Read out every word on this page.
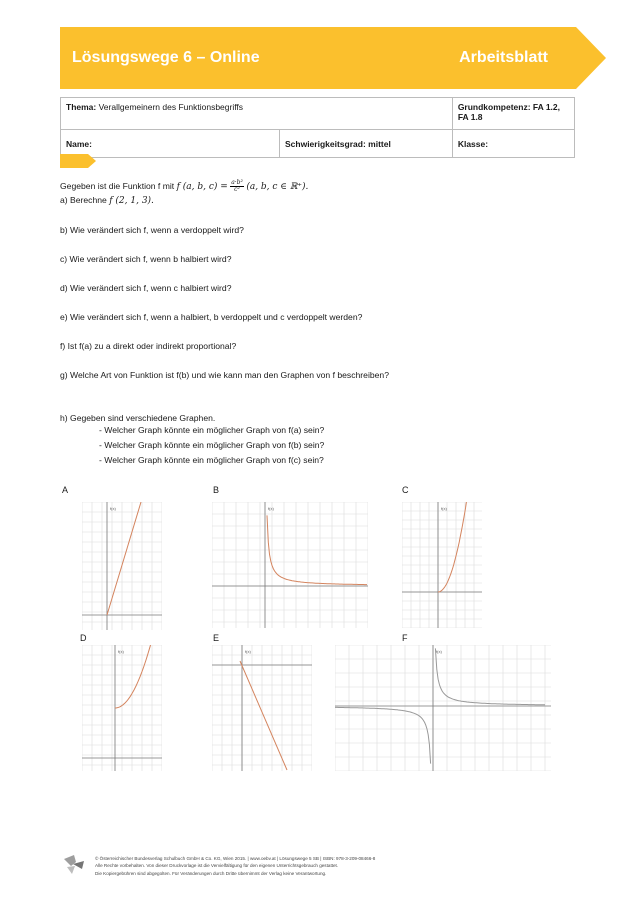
Lösungswege 6 – Online	Arbeitsblatt
Thema: Verallgemeinern des Funktionsbegriffs		Grundkompetenz: FA 1.2, FA 1.8
Name:	Schwierigkeitsgrad: mittel	Klasse:

Gegeben ist die Funktion f mit f (a, b, $c) = \frac{\text{a·b²}}{\text{c²}} (a$, b, c ∈ ℝ⁺).

a) Berechne f (2, 1, 3).

b) Wie verändert sich f, wenn a verdoppelt wird?

c) Wie verändert sich f, wenn b halbiert wird?

d) Wie verändert sich f, wenn c halbiert wird?

e) Wie verändert sich f, wenn a halbiert, b verdoppelt und c verdoppelt werden?

f) Ist f(a) zu a direkt oder indirekt proportional?

g) Welche Art von Funktion ist f(b) und wie kann man den Graphen von f beschreiben?

h) Gegeben sind verschiedene Graphen.

- Welcher Graph könnte ein möglicher Graph von f(a) sein?
- Welcher Graph könnte ein möglicher Graph von f(b) sein?
- Welcher Graph könnte ein möglicher Graph von f(c) sein?
A	B	C
D	E	F
f(x)	f(x)	f(x)
f(x)	f(x)	f(x)
© Österreichischer Bundesverlag Schulbuch GmbH & Co. KG, Wien 2015. | www.oebv.at | Lösungswege 5 SB | ISBN: 978-3-209-08466-8
Alle Rechte vorbehalten. Von dieser Druckvorlage ist die Vervielfältigung für den eigenen Unterrichtsgebrauch gestattet.
Die Kopiergebühren sind abgegolten. Für Veränderungen durch Dritte übernimmt der Verlag keine Verantwortung.
